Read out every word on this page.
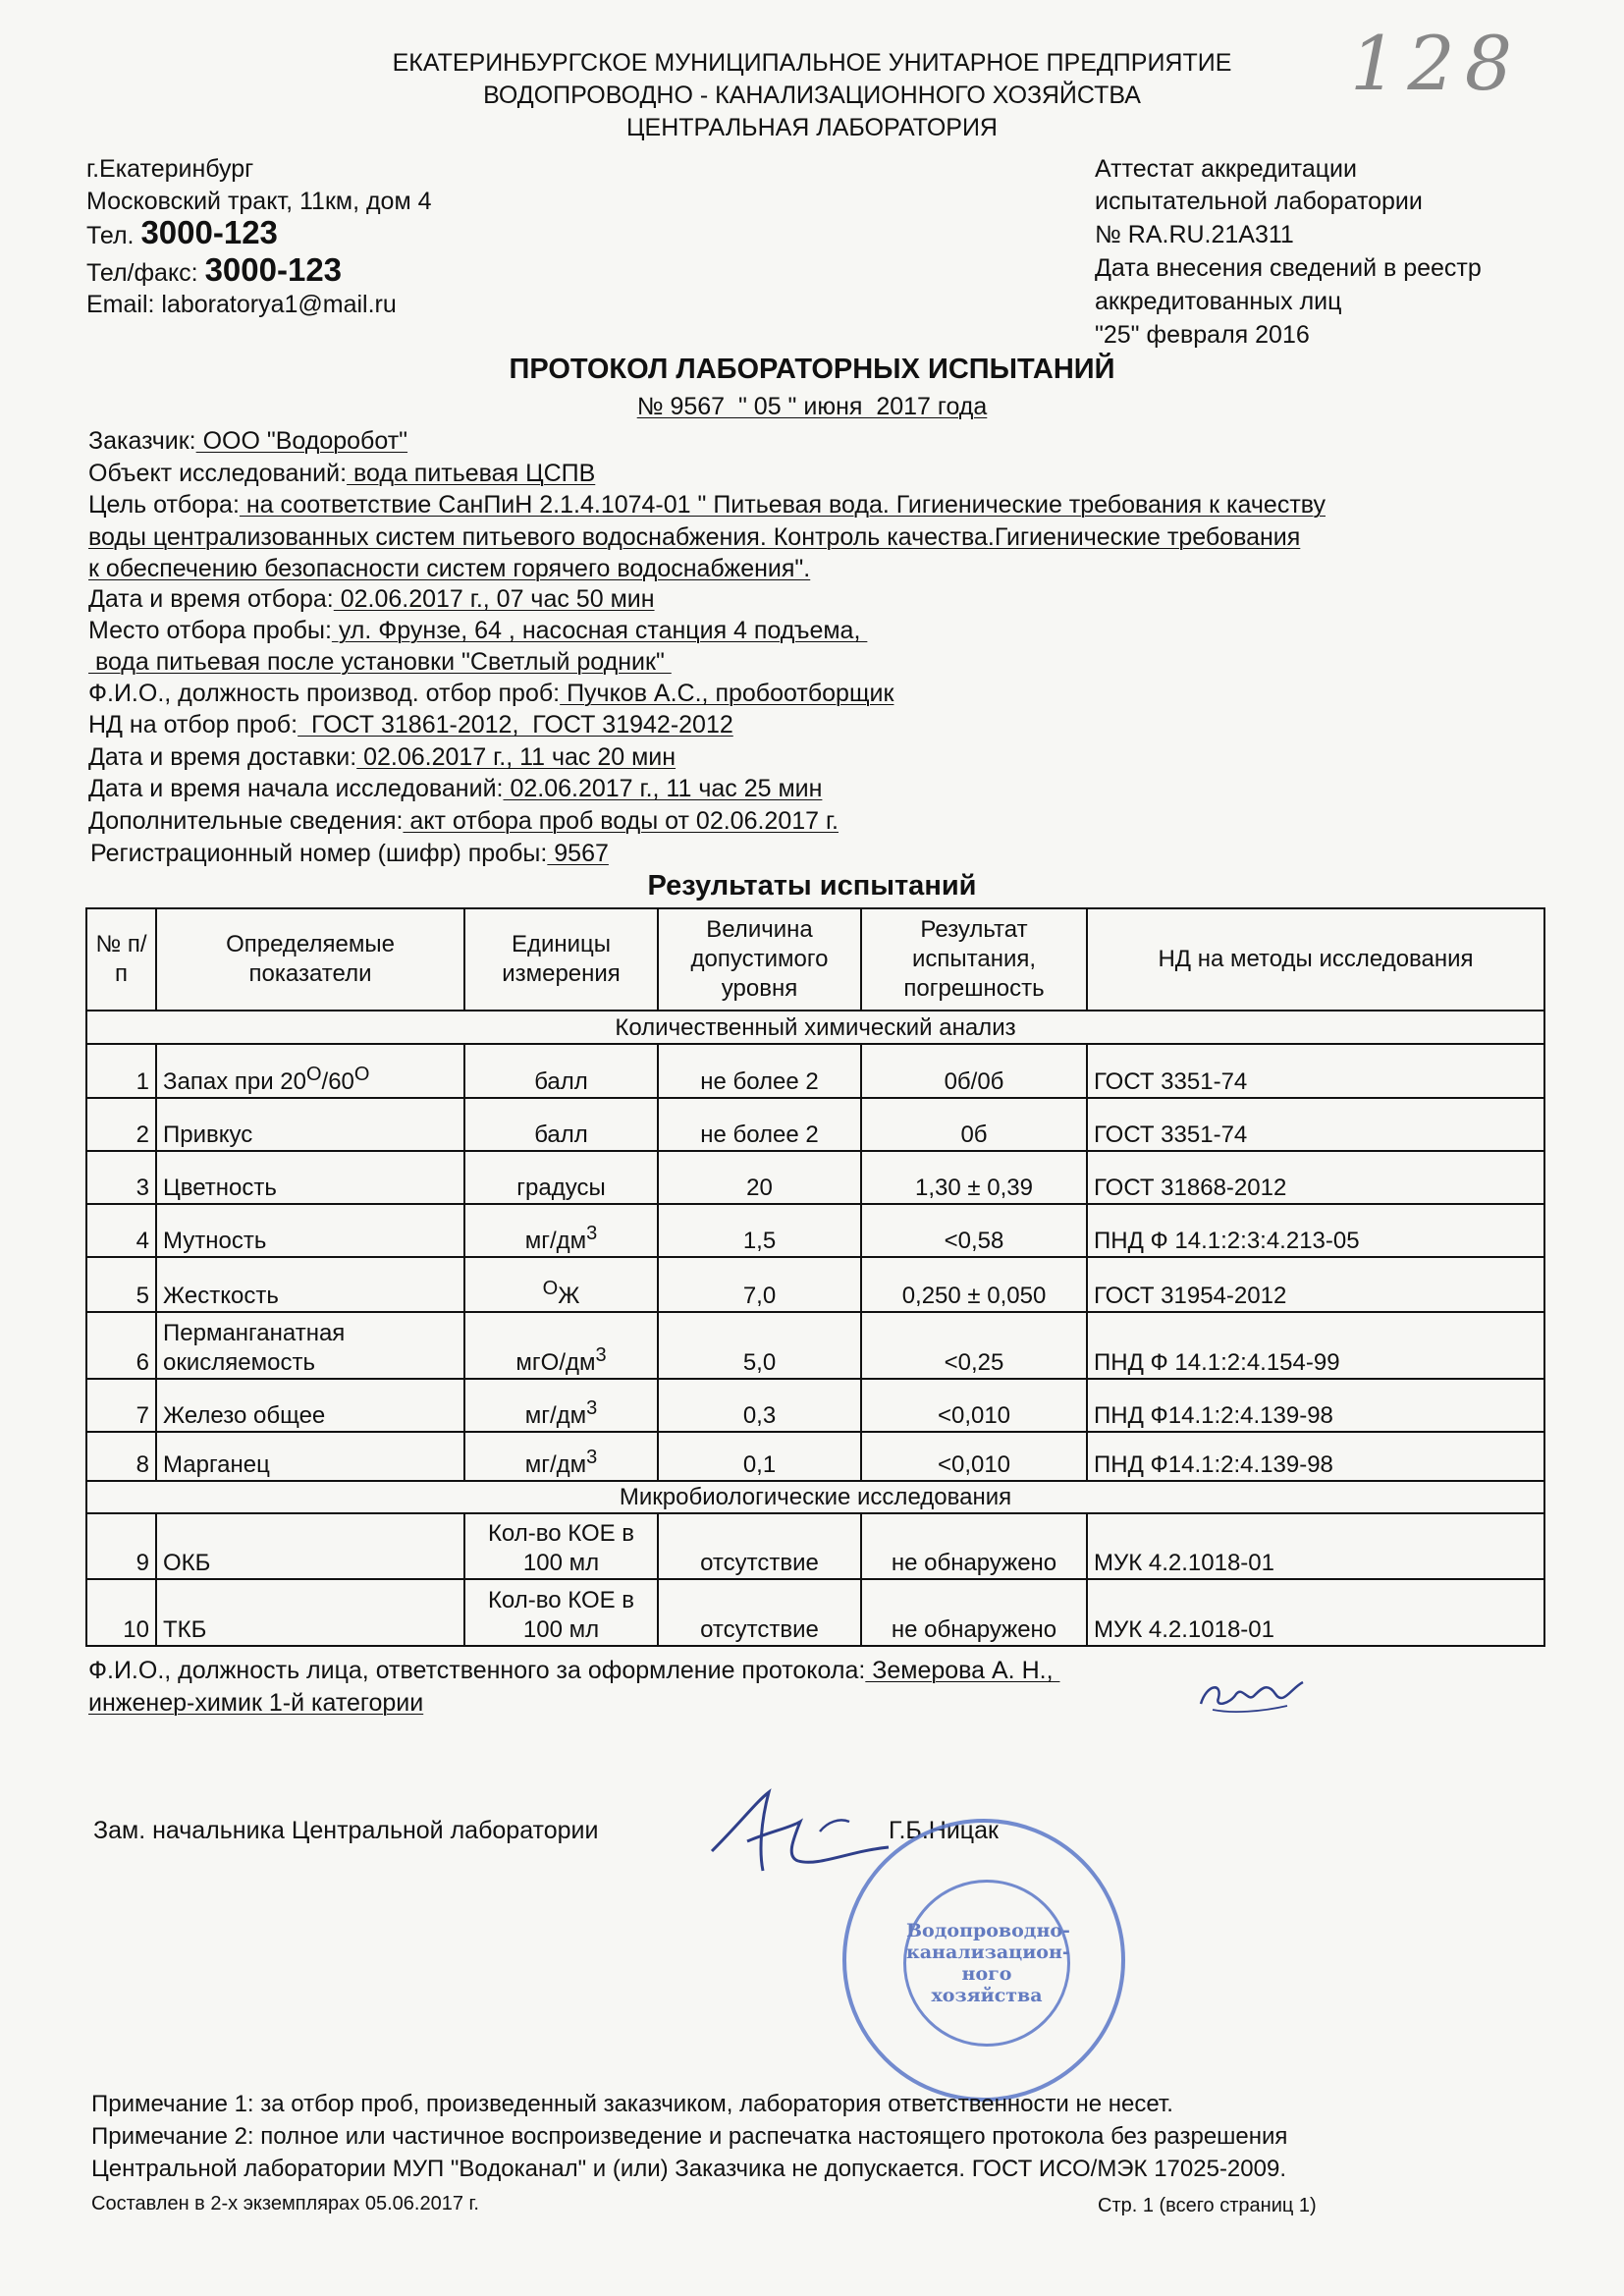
ЕКАТЕРИНБУРГСКОЕ МУНИЦИПАЛЬНОЕ УНИТАРНОЕ ПРЕДПРИЯТИЕ
ВОДОПРОВОДНО - КАНАЛИЗАЦИОННОГО ХОЗЯЙСТВА
ЦЕНТРАЛЬНАЯ ЛАБОРАТОРИЯ
128
г.Екатеринбург
Московский тракт, 11км, дом 4
Тел. 3000-123
Тел/факс: 3000-123
Email: laboratorya1@mail.ru
Аттестат аккредитации
испытательной лаборатории
№ RA.RU.21A311
Дата внесения сведений в реестр
аккредитованных лиц
"25" февраля 2016
ПРОТОКОЛ ЛАБОРАТОРНЫХ ИСПЫТАНИЙ
№ 9567  " 05 " июня  2017 года
Заказчик: ООО "Водоробот"
Объект исследований: вода питьевая ЦСПВ
Цель отбора: на соответствие СанПиН 2.1.4.1074-01 " Питьевая вода. Гигиенические требования к качеству
воды централизованных систем питьевого водоснабжения. Контроль качества.Гигиенические требования
к обеспечению безопасности систем горячего водоснабжения".
Дата и время отбора: 02.06.2017 г., 07 час 50 мин
Место отбора пробы: ул. Фрунзе, 64 , насосная станция 4 подъема,
вода питьевая после установки "Светлый родник"
Ф.И.О., должность производ. отбор проб: Пучков А.С., пробоотборщик
НД на отбор проб:  ГОСТ 31861-2012,  ГОСТ 31942-2012
Дата и время доставки: 02.06.2017 г., 11 час 20 мин
Дата и время начала исследований: 02.06.2017 г., 11 час 25 мин
Дополнительные сведения: акт отбора проб воды от 02.06.2017 г.
Регистрационный номер (шифр) пробы: 9567
Результаты испытаний
№ п/п	Определяемые показатели	Единицы измерения	Величина допустимого уровня	Результат испытания, погрешность	НД на методы исследования
Количественный химический анализ					
1	Запах при $20^О/60^О$	балл	не более 2	0б/0б	ГОСТ 3351-74
2	Привкус	балл	не более 2	0б	ГОСТ 3351-74
3	Цветность	градусы	20	1,30 ± 0,39	ГОСТ 31868-2012
4	Мутность	$мг/дм^3$	1,5	<0,58	ПНД Ф 14.1:2:3:4.213-05
5	Жесткость	$^О$Ж	7,0	0,250 ± 0,050	ГОСТ 31954-2012
6	Перманганатная
окисляемость	мгО/$дм^3$	5,0	<0,25	ПНД Ф 14.1:2:4.154-99
7	Железо общее	$мг/дм^3$	0,3	<0,010	ПНД Ф14.1:2:4.139-98
8	Марганец	$мг/дм^3$	0,1	<0,010	ПНД Ф14.1:2:4.139-98
Микробиологические исследования					
9	ОКБ	Кол-во КОЕ в
100 мл	отсутствие	не обнаружено	МУК 4.2.1018-01
10	ТКБ	Кол-во КОЕ в
100 мл	отсутствие	не обнаружено	МУК 4.2.1018-01
Ф.И.О., должность лица, ответственного за оформление протокола: Земерова А. Н.,
инженер-химик 1-й категории
Зам. начальника Центральной лаборатории	Г.Б.Ницак
Водопроводно-канализацион-ного хозяйства
Примечание 1: за отбор проб, произведенный заказчиком, лаборатория ответственности не несет.
Примечание 2: полное или частичное воспроизведение и распечатка настоящего протокола без разрешения
Центральной лаборатории МУП "Водоканал" и (или) Заказчика не допускается. ГОСТ ИСО/МЭК 17025-2009.
Составлен в 2-х экземплярах 05.06.2017 г.	Стр. 1 (всего страниц 1)
